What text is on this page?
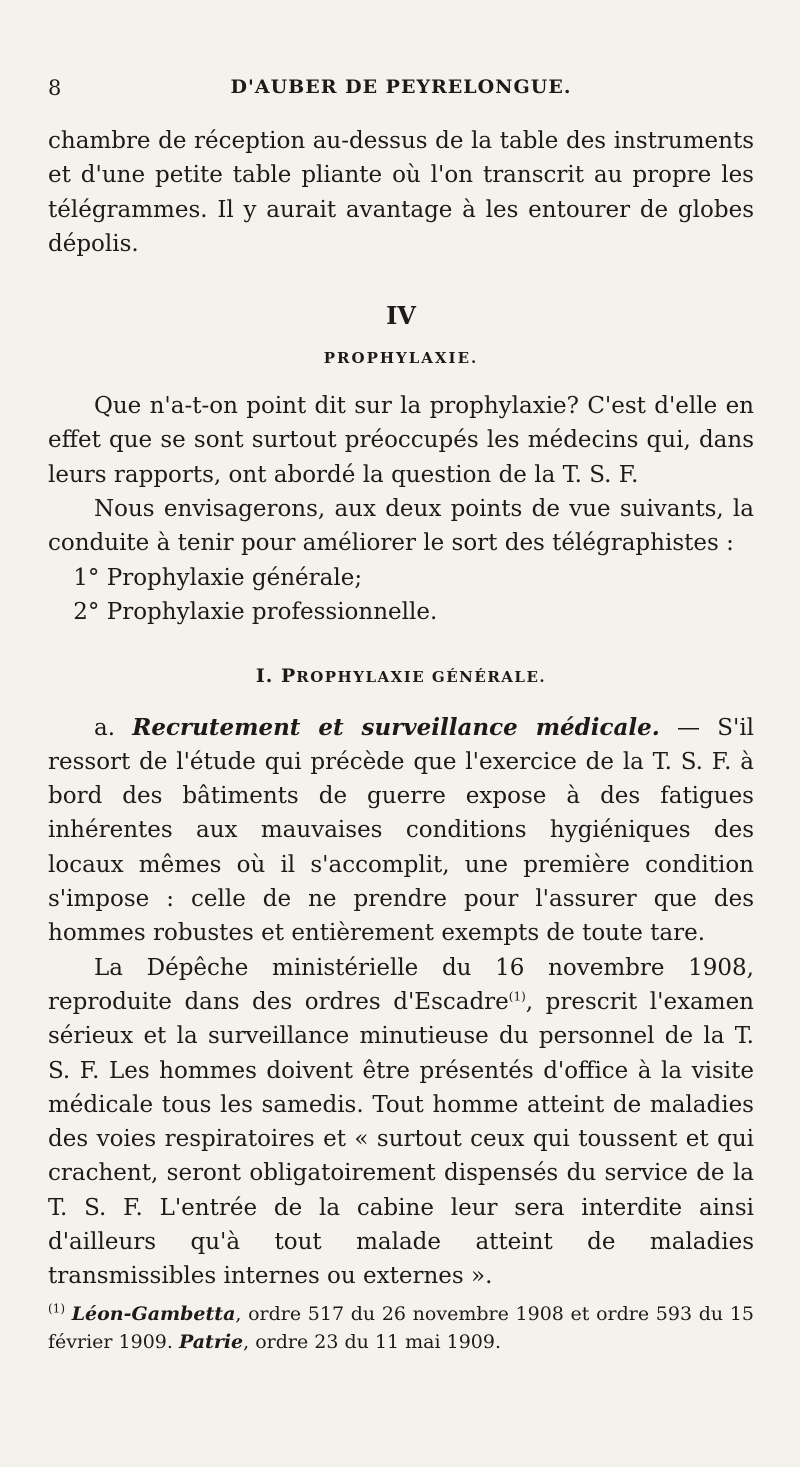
8	D'AUBER DE PEYRELONGUE.

chambre de réception au-dessus de la table des instruments et d'une petite table pliante où l'on transcrit au propre les télégrammes. Il y aurait avantage à les entourer de globes dépolis.

IV

PROPHYLAXIE.

Que n'a-t-on point dit sur la prophylaxie? C'est d'elle en effet que se sont surtout préoccupés les médecins qui, dans leurs rapports, ont abordé la question de la T. S. F.

Nous envisagerons, aux deux points de vue suivants, la conduite à tenir pour améliorer le sort des télégraphistes :

1° Prophylaxie générale;

2° Prophylaxie professionnelle.

I. PROPHYLAXIE GÉNÉRALE.

a. Recrutement et surveillance médicale. — S'il ressort de l'étude qui précède que l'exercice de la T. S. F. à bord des bâtiments de guerre expose à des fatigues inhérentes aux mauvaises conditions hygiéniques des locaux mêmes où il s'accomplit, une première condition s'impose : celle de ne prendre pour l'assurer que des hommes robustes et entièrement exempts de toute tare.

La Dépêche ministérielle du 16 novembre 1908, reproduite dans des ordres d'Escadre$^{(1)}$, prescrit l'examen sérieux et la surveillance minutieuse du personnel de la T. S. F. Les hommes doivent être présentés d'office à la visite médicale tous les samedis. Tout homme atteint de maladies des voies respiratoires et « surtout ceux qui toussent et qui crachent, seront obligatoirement dispensés du service de la T. S. F. L'entrée de la cabine leur sera interdite ainsi d'ailleurs qu'à tout malade atteint de maladies transmissibles internes ou externes ».

$^{(1)}$ Léon-Gambetta, ordre 517 du 26 novembre 1908 et ordre 593 du 15 février 1909. Patrie, ordre 23 du 11 mai 1909.
